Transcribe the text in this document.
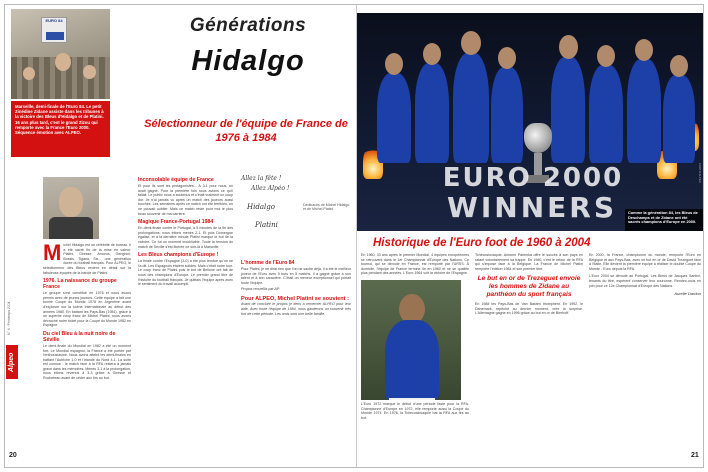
EURO 84
Marseille, demi-finale de l'Euro 84. Le petit Zinédine Zidane assiste dans les tribunes à la victoire des Bleus d'Hidalgo et de Platini. 16 ans plus tard, c'est le grand Zizou qui remporte avec la France l'Euro 2000. Séquence émotion avec ALPEO.
Générations
Hidalgo
Sélectionneur de l'équipe de France de 1976 à 1984
N° 4 · Printemps 2004
Alpeo
20
Michel Hidalgo est un célébrité de bureau. Il a été sacré fin de la mise en valeur. Platini, Giresse, Amoros, Genghini, Bossis, Tigana, Six... une génération dorée du football français. Pour ALPEO, le sélectionneur des Bleus revient en détail sur la fabuleuse épopée de la bande de Platini.
1976. La naissance du groupe France
Le groupe s'est constitué en 1976 et nous avons permis avec de jeunes joueurs. Cette équipe a fait une bonne Coupe du Monde 1978 en Argentine avant d'exploser sur la scène internationale au début des années 1980. En battant les Pays-Bas (1981), grâce à un superbe coup franc de Michel Platini, nous avons décroché notre ticket pour la Coupe du Monde 1982 en Espagne.
Du ciel Bleu à la nuit noire de Séville
Le demi-finale du Mondial en 1982 a été un moment fort. Le Mondial espagnol, la France a été portée par l'enthousiasme. Nous avons atteint les demi-finales en battant l'Autriche 1-0 et l'Irlande du Nord 4-1. La suite est connue : le match face à la RFA restera à jamais gravé dans les mémoires. Menés 3-1 à la prolongation, nous étions revenus à 3-3 grâce à Giresse et Rocheteau avant de céder aux tirs au but.
Inconsolable équipe de France
Et pour ils sont les protagonistes... À 3-1 pour nous, on avait gagné. Pour la première fois nous avions ce qu'il fallait. Le public nous a soutenus et c'était vraiment un coup dur. Je n'ai jamais vu après un match des joueurs aussi touchés. Les semaines après ce match ont été terribles, on ne pouvait oublier. Mais ce match reste pour moi le plus beau souvenir de ma carrière.
Magique France-Portugal 1984
En demi-finale contre le Portugal, à 5 minutes de la fin des prolongations, nous étions menés 2-1. Et puis Domergue égalise, et à la dernière minute Platini marque le but de la victoire. Ce fut un moment inoubliable. Toute la tension du match de Séville s'est libérée ce soir-là à Marseille.
Les Bleus champions d'Europe !
La finale contre l'Espagne (2-0) a été plus tendue qu'on ne l'a dit. Les Espagnols étaient solides. Mais c'était notre tour. Le coup franc de Platini puis le but de Bellone ont fait de nous des champions d'Europe. Le premier grand titre de l'histoire du football français. Je quittais l'équipe après avec le sentiment du travail accompli.
Allez la fête !
Allez Alpéo !
Hidalgo
Platini
Dédicaces de Michel Hidalgo et de Michel Platini.
L'homme de l'Euro 84
Pour Platini, je ne dirai rien que l'on ne sache déjà. Il a été le meilleur joueur de l'Euro avec 9 buts en 5 matchs. Il a gagné grâce à son talent et à son caractère. C'était un meneur exceptionnel qui portait toute l'équipe.
Propos recueillis par AP.
Pour ALPEO, Michel Platini se souvient :
Avant de conclure le propos je tiens à remercier ALPEO pour leur aide. Avec toute l'équipe de 1984, nous garderons un souvenir très fort de cette période. Les amis sont une belle famille.
EURO 2000
WINNERS	Comme la génération 84, les Bleus de Deschamps et de Zidane ont été sacrés champions d'Europe en 2000.
PHOTO ALPEO
Historique de l'Euro foot de 1960 à 2004
En 1960, 33 ans après le premier Mondial, 4 équipes européennes se retrouvent dans le 1er Championnat d'Europe des Nations. Ce tournoi, qui se déroule en France, est remporté par l'URSS. À domicile, l'équipe de France termine 4e en 1960 et ne se qualifie plus pendant des années. L'Euro 1964 voit la victoire de l'Espagne.
L'Euro 1972 marque le début d'une période faste pour la RFA. Championne d'Europe en 1972, elle remporte aussi la Coupe du Monde 1974. En 1976, la Tchécoslovaquie bat la RFA aux tirs au but.
Tchécoslovaquie. Antonín Panenka offre le succès à son pays en ratant volontairement sa frappe. En 1980, c'est le retour de la RFA qui s'impose face à la Belgique. La France de Michel Platini remporte l'édition 1984 et son premier titre.
Le but en or de Trezeguet envoie les hommes de Zidane au panthéon du sport français
En 1988 les Pays-Bas de Van Basten triomphent. En 1992, le Danemark, repêché au dernier moment, crée la surprise. L'Allemagne gagne en 1996 grâce au but en or de Bierhoff.
En 2000, la France, championne du monde, remporte l'Euro en Belgique et aux Pays-Bas, avec un but en or de David Trezeguet face à l'Italie. Elle devient la première équipe à réaliser le doublé Coupe du Monde - Euro depuis la RFA.
L'Euro 2004 se déroule au Portugal. Les Bleus de Jacques Santini, tenants du titre, espèrent conserver leur couronne. Rendez-vous en juin pour ce 12e Championnat d'Europe des Nations.
Aurélie Dardun
21
